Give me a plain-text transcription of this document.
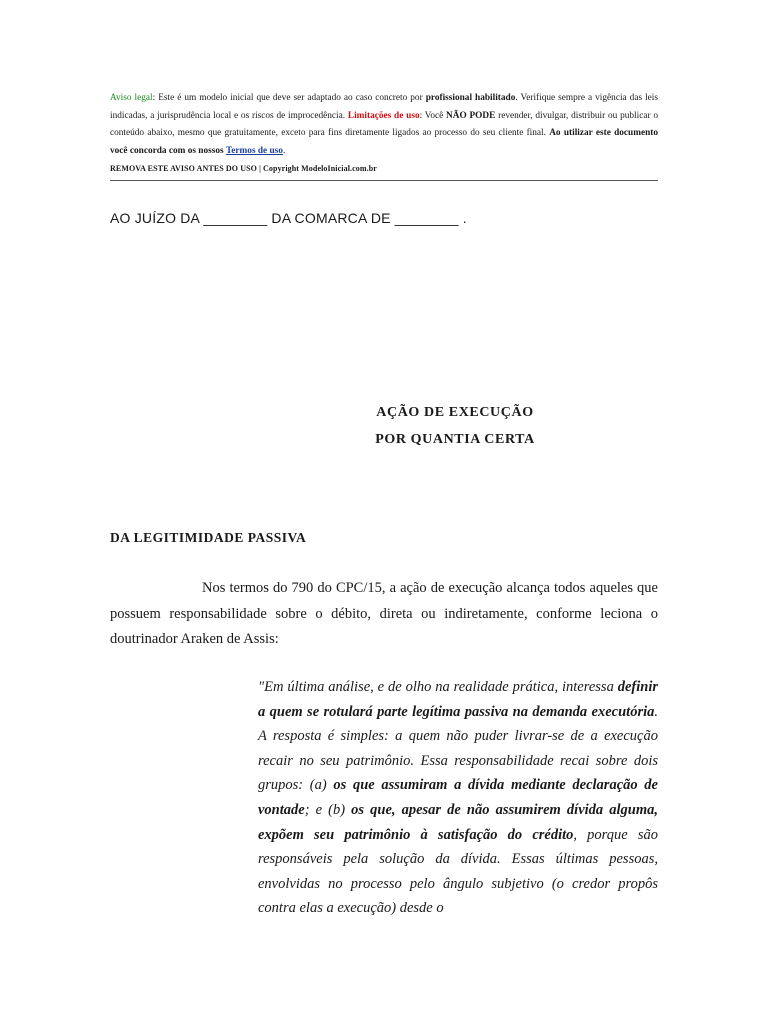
Aviso legal: Este é um modelo inicial que deve ser adaptado ao caso concreto por profissional habilitado. Verifique sempre a vigência das leis indicadas, a jurisprudência local e os riscos de improcedência. Limitações de uso: Você NÃO PODE revender, divulgar, distribuir ou publicar o conteúdo abaixo, mesmo que gratuitamente, exceto para fins diretamente ligados ao processo do seu cliente final. Ao utilizar este documento você concorda com os nossos Termos de uso.
REMOVA ESTE AVISO ANTES DO USO | Copyright ModeloInicial.com.br
AO JUÍZO DA ________ DA COMARCA DE ________ .
AÇÃO DE EXECUÇÃO
POR QUANTIA CERTA
DA LEGITIMIDADE PASSIVA
Nos termos do 790 do CPC/15, a ação de execução alcança todos aqueles que possuem responsabilidade sobre o débito, direta ou indiretamente, conforme leciona o doutrinador Araken de Assis:
"Em última análise, e de olho na realidade prática, interessa definir a quem se rotulará parte legítima passiva na demanda executória. A resposta é simples: a quem não puder livrar-se de a execução recair no seu patrimônio. Essa responsabilidade recai sobre dois grupos: (a) os que assumiram a dívida mediante declaração de vontade; e (b) os que, apesar de não assumirem dívida alguma, expõem seu patrimônio à satisfação do crédito, porque são responsáveis pela solução da dívida. Essas últimas pessoas, envolvidas no processo pelo ângulo subjetivo (o credor propôs contra elas a execução) desde o
